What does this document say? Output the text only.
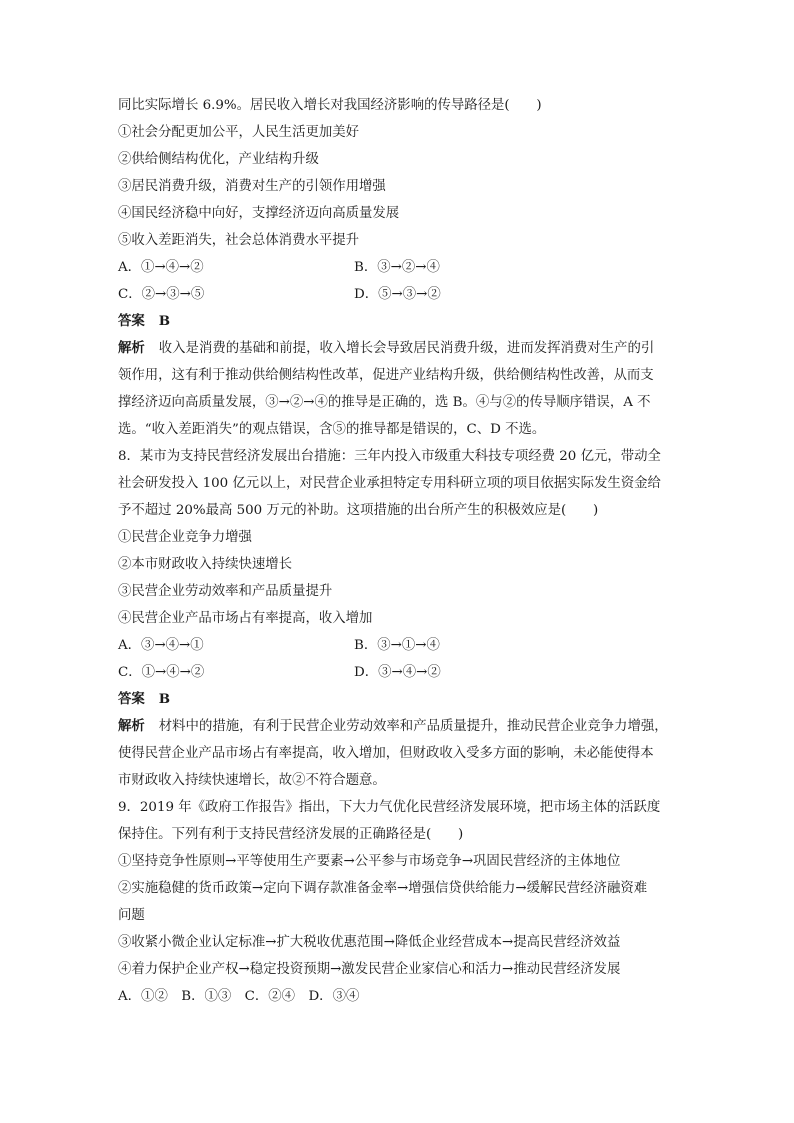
同比实际增长 6.9%。居民收入增长对我国经济影响的传导路径是(　　)
①社会分配更加公平，人民生活更加美好
②供给侧结构优化，产业结构升级
③居民消费升级，消费对生产的引领作用增强
④国民经济稳中向好，支撑经济迈向高质量发展
⑤收入差距消失，社会总体消费水平提升
A．①→④→②	B．③→②→④
C．②→③→⑤	D．⑤→③→②
答案 B
解析 收入是消费的基础和前提，收入增长会导致居民消费升级，进而发挥消费对生产的引
领作用，这有利于推动供给侧结构性改革，促进产业结构升级，供给侧结构性改善，从而支
撑经济迈向高质量发展，③→②→④的推导是正确的，选 B。④与②的传导顺序错误，A 不
选。“收入差距消失”的观点错误，含⑤的推导都是错误的，C、D 不选。
8．某市为支持民营经济发展出台措施：三年内投入市级重大科技专项经费 20 亿元，带动全
社会研发投入 100 亿元以上，对民营企业承担特定专用科研立项的项目依据实际发生资金给
予不超过 20%最高 500 万元的补助。这项措施的出台所产生的积极效应是(　　)
①民营企业竞争力增强
②本市财政收入持续快速增长
③民营企业劳动效率和产品质量提升
④民营企业产品市场占有率提高，收入增加
A．③→④→①	B．③→①→④
C．①→④→②	D．③→④→②
答案 B
解析 材料中的措施，有利于民营企业劳动效率和产品质量提升，推动民营企业竞争力增强，
使得民营企业产品市场占有率提高，收入增加，但财政收入受多方面的影响，未必能使得本
市财政收入持续快速增长，故②不符合题意。
9．2019 年《政府工作报告》指出，下大力气优化民营经济发展环境，把市场主体的活跃度
保持住。下列有利于支持民营经济发展的正确路径是(　　)
①坚持竞争性原则→平等使用生产要素→公平参与市场竞争→巩固民营经济的主体地位
②实施稳健的货币政策→定向下调存款准备金率→增强信贷供给能力→缓解民营经济融资难
问题
③收紧小微企业认定标准→扩大税收优惠范围→降低企业经营成本→提高民营经济效益
④着力保护企业产权→稳定投资预期→激发民营企业家信心和活力→推动民营经济发展
A．①②　B．①③　C．②④　D．③④
